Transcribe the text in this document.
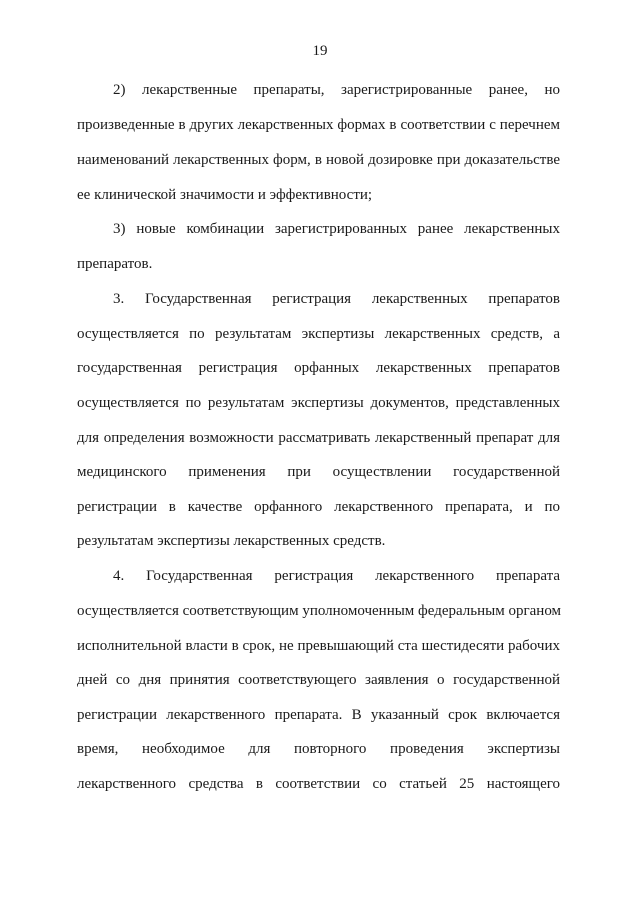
19
2) лекарственные препараты, зарегистрированные ранее, но
произведенные в других лекарственных формах в соответствии с перечнем
наименований лекарственных форм, в новой дозировке при доказательстве
ее клинической значимости и эффективности;
3) новые комбинации зарегистрированных ранее лекарственных
препаратов.
3. Государственная регистрация лекарственных препаратов
осуществляется по результатам экспертизы лекарственных средств, а
государственная регистрация орфанных лекарственных препаратов
осуществляется по результатам экспертизы документов, представленных
для определения возможности рассматривать лекарственный препарат для
медицинского применения при осуществлении государственной
регистрации в качестве орфанного лекарственного препарата, и по
результатам экспертизы лекарственных средств.
4. Государственная регистрация лекарственного препарата
осуществляется соответствующим уполномоченным федеральным органом
исполнительной власти в срок, не превышающий ста шестидесяти рабочих
дней со дня принятия соответствующего заявления о государственной
регистрации лекарственного препарата. В указанный срок включается
время, необходимое для повторного проведения экспертизы
лекарственного средства в соответствии со статьей 25 настоящего
